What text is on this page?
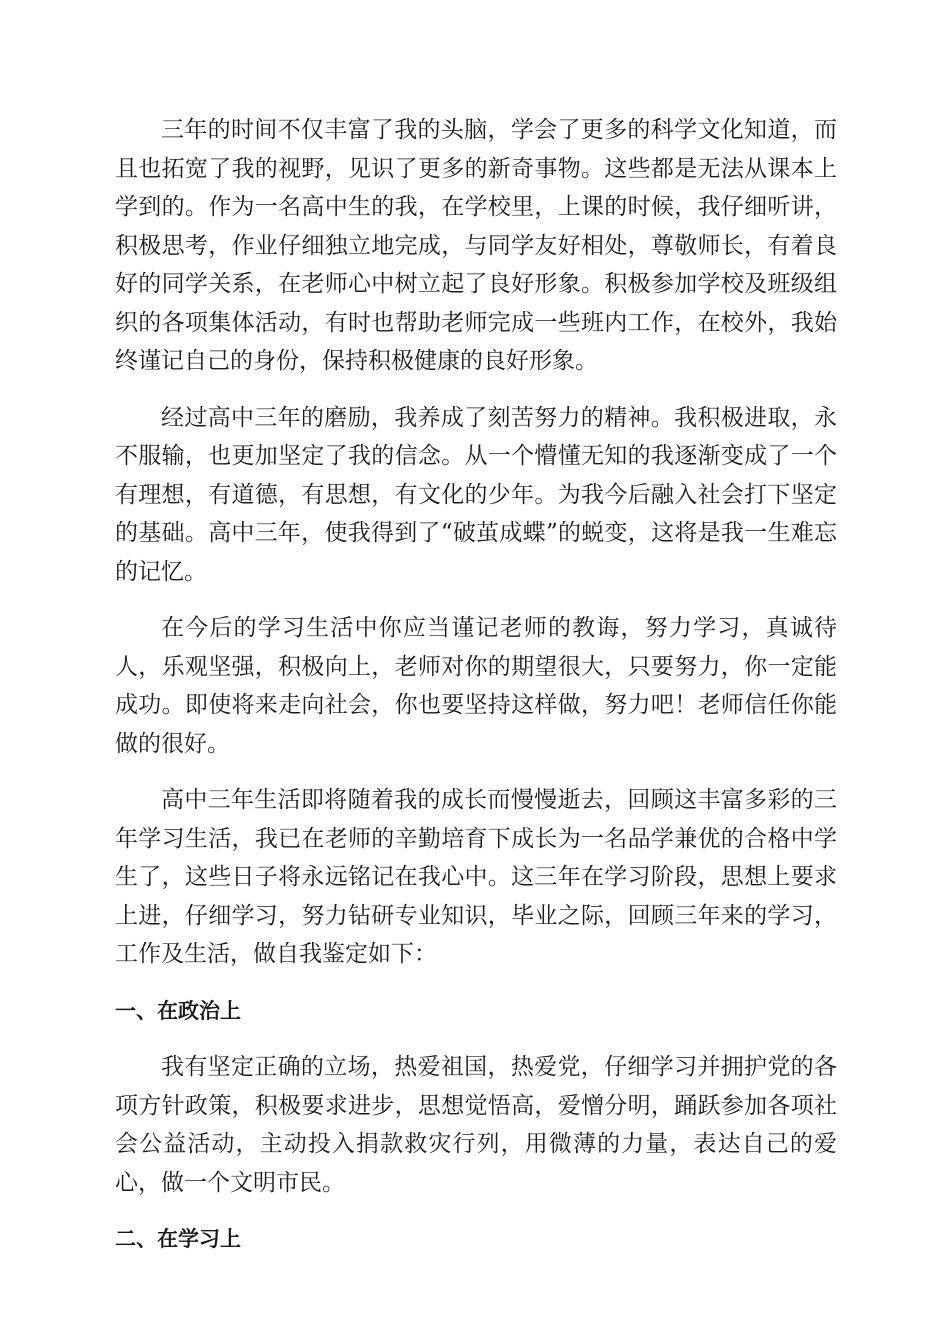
三年的时间不仅丰富了我的头脑，学会了更多的科学文化知道，而且也拓宽了我的视野，见识了更多的新奇事物。这些都是无法从课本上学到的。作为一名高中生的我，在学校里，上课的时候，我仔细听讲，积极思考，作业仔细独立地完成，与同学友好相处，尊敬师长，有着良好的同学关系，在老师心中树立起了良好形象。积极参加学校及班级组织的各项集体活动，有时也帮助老师完成一些班内工作，在校外，我始终谨记自己的身份，保持积极健康的良好形象。

经过高中三年的磨励，我养成了刻苦努力的精神。我积极进取，永不服输，也更加坚定了我的信念。从一个懵懂无知的我逐渐变成了一个有理想，有道德，有思想，有文化的少年。为我今后融入社会打下坚定的基础。高中三年，使我得到了“破茧成蝶”的蜕变，这将是我一生难忘的记忆。

在今后的学习生活中你应当谨记老师的教诲，努力学习，真诚待人，乐观坚强，积极向上，老师对你的期望很大，只要努力，你一定能成功。即使将来走向社会，你也要坚持这样做，努力吧！老师信任你能做的很好。

高中三年生活即将随着我的成长而慢慢逝去，回顾这丰富多彩的三年学习生活，我已在老师的辛勤培育下成长为一名品学兼优的合格中学生了，这些日子将永远铭记在我心中。这三年在学习阶段，思想上要求上进，仔细学习，努力钻研专业知识，毕业之际，回顾三年来的学习，工作及生活，做自我鉴定如下：

一、在政治上

我有坚定正确的立场，热爱祖国，热爱党，仔细学习并拥护党的各项方针政策，积极要求进步，思想觉悟高，爱憎分明，踊跃参加各项社会公益活动，主动投入捐款救灾行列，用微薄的力量，表达自己的爱心，做一个文明市民。

二、在学习上
